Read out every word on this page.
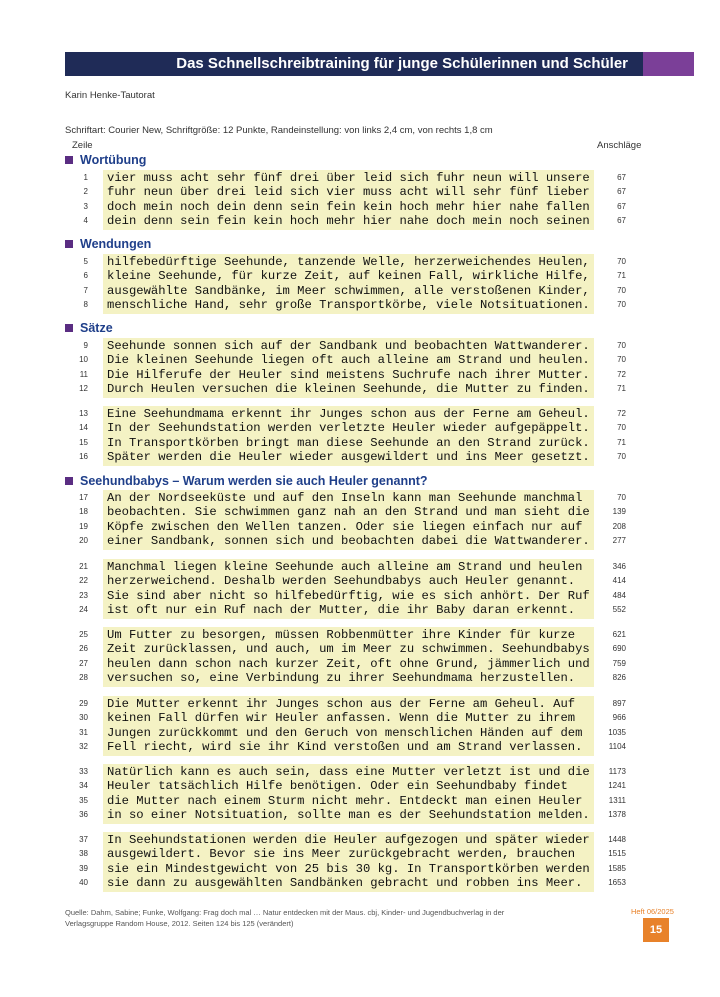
Das Schnellschreibtraining für junge Schülerinnen und Schüler
Karin Henke-Tautorat
Schriftart: Courier New, Schriftgröße: 12 Punkte, Randeinstellung: von links 2,4 cm, von rechts 1,8 cm
Zeile	Anschläge
Wortübung
Wendungen
Sätze
Seehundbabys – Warum werden sie auch Heuler genannt?
1 vier muss acht sehr fünf drei über leid sich fuhr neun will unsere	67
2 fuhr neun über drei leid sich vier muss acht will sehr fünf lieber	67
3 doch mein noch dein denn sein fein kein hoch mehr hier nahe fallen	67
4 dein denn sein fein kein hoch mehr hier nahe doch mein noch seinen	67
5 hilfebedürftige Seehunde, tanzende Welle, herzerweichendes Heulen,	70
6 kleine Seehunde, für kurze Zeit, auf keinen Fall, wirkliche Hilfe,	71
7 ausgewählte Sandbänke, im Meer schwimmen, alle verstoßenen Kinder,	70
8 menschliche Hand, sehr große Transportkörbe, viele Notsituationen.	70
9 Seehunde sonnen sich auf der Sandbank und beobachten Wattwanderer.	70
10 Die kleinen Seehunde liegen oft auch alleine am Strand und heulen.	70
11 Die Hilferufe der Heuler sind meistens Suchrufe nach ihrer Mutter.	72
12 Durch Heulen versuchen die kleinen Seehunde, die Mutter zu finden.	71
13 Eine Seehundmama erkennt ihr Junges schon aus der Ferne am Geheul.	72
14 In der Seehundstation werden verletzte Heuler wieder aufgepäppelt.	70
15 In Transportkörben bringt man diese Seehunde an den Strand zurück.	71
16 Später werden die Heuler wieder ausgewildert und ins Meer gesetzt.	70
17 An der Nordseeküste und auf den Inseln kann man Seehunde manchmal	70
18 beobachten. Sie schwimmen ganz nah an den Strand und man sieht die	139
19 Köpfe zwischen den Wellen tanzen. Oder sie liegen einfach nur auf	208
20 einer Sandbank, sonnen sich und beobachten dabei die Wattwanderer.	277
21 Manchmal liegen kleine Seehunde auch alleine am Strand und heulen	346
22 herzerweichend. Deshalb werden Seehundbabys auch Heuler genannt.	414
23 Sie sind aber nicht so hilfebedürftig, wie es sich anhört. Der Ruf	484
24 ist oft nur ein Ruf nach der Mutter, die ihr Baby daran erkennt.	552
25 Um Futter zu besorgen, müssen Robbenmütter ihre Kinder für kurze	621
26 Zeit zurücklassen, und auch, um im Meer zu schwimmen. Seehundbabys	690
27 heulen dann schon nach kurzer Zeit, oft ohne Grund, jämmerlich und	759
28 versuchen so, eine Verbindung zu ihrer Seehundmama herzustellen.	826
29 Die Mutter erkennt ihr Junges schon aus der Ferne am Geheul. Auf	897
30 keinen Fall dürfen wir Heuler anfassen. Wenn die Mutter zu ihrem	966
31 Jungen zurückkommt und den Geruch von menschlichen Händen auf dem	1035
32 Fell riecht, wird sie ihr Kind verstoßen und am Strand verlassen.	1104
33 Natürlich kann es auch sein, dass eine Mutter verletzt ist und die	1173
34 Heuler tatsächlich Hilfe benötigen. Oder ein Seehundbaby findet	1241
35 die Mutter nach einem Sturm nicht mehr. Entdeckt man einen Heuler	1311
36 in so einer Notsituation, sollte man es der Seehundstation melden.	1378
37 In Seehundstationen werden die Heuler aufgezogen und später wieder	1448
38 ausgewildert. Bevor sie ins Meer zurückgebracht werden, brauchen	1515
39 sie ein Mindestgewicht von 25 bis 30 kg. In Transportkörben werden	1585
40 sie dann zu ausgewählten Sandbänken gebracht und robben ins Meer.	1653
Quelle: Dahm, Sabine; Funke, Wolfgang: Frag doch mal … Natur entdecken mit der Maus. cbj, Kinder- und Jugendbuchverlag in der Verlagsgruppe Random House, 2012. Seiten 124 bis 125 (verändert)
Heft 06/2025
15
